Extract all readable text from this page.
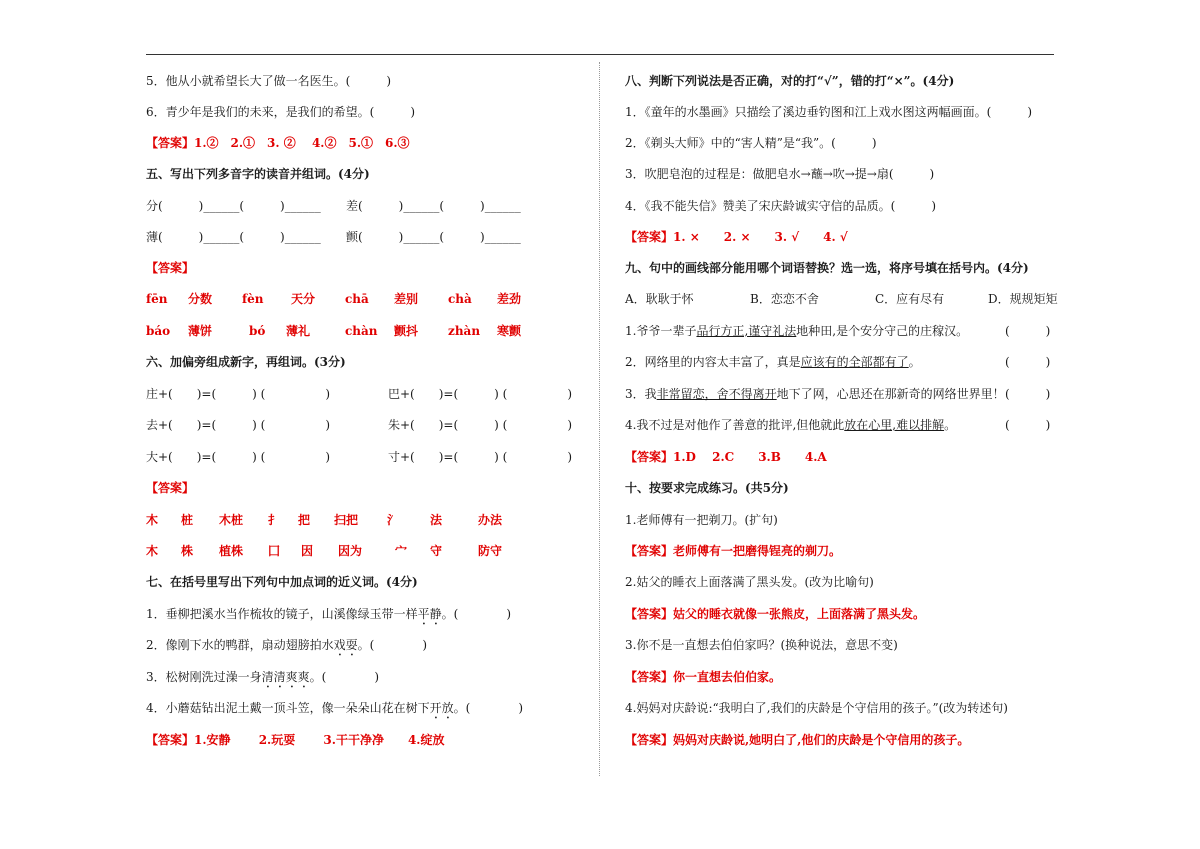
5．他从小就希望长大了做一名医生。(　　　)
6．青少年是我们的未来，是我们的希望。(　　　)
【答案】1.②　2.①　3. ②　 4.②　5.①　6.③
五、写出下列多音字的读音并组词。(4分)
分(　　　)______(　　　)______ 差(　　　)______(　　　)______
薄(　　　)______(　　　)______ 颤(　　　)______(　　　)______
【答案】
fēn 分数 fèn 天分 chā 差别 chà 差劲
báo 薄饼	bó 薄礼	chàn 颤抖 zhàn 寒颤
六、加偏旁组成新字，再组词。(3分)
庄+(　　)=(　　　) (　　　　　)	巴+(　　)=(　　　) (　　　　　)
去+(　　)=(　　　) (　　　　　)	朱+(　　)=(　　　) (　　　　　)
大+(　　)=(　　　) (　　　　　)	寸+(　　)=(　　　) (　　　　　)
【答案】
木 桩 木桩 扌 把 扫把 氵	法	办法
木 株 植株 囗 因 因为	宀 守	防守
七、在括号里写出下列句中加点词的近义词。(4分)
1．垂柳把溪水当作梳妆的镜子，山溪像绿玉带一样平静。(　　　　)
2．像刚下水的鸭群，扇动翅膀拍水戏耍。(　　　　)
3．松树刚洗过澡一身清清爽爽。(　　　　)
4．小蘑菇钻出泥土戴一顶斗笠，像一朵朵山花在树下开放。(　　　　)
【答案】1.安静　　 2.玩耍　　 3.干干净净　　4.绽放
八、判断下列说法是否正确，对的打“√”，错的打“×”。(4分)
1．《童年的水墨画》只描绘了溪边垂钓图和江上戏水图这两幅画面。(　　　)
2．《剃头大师》中的“害人精”是“我”。(　　　)
3．吹肥皂泡的过程是：做肥皂水→蘸→吹→提→扇(　　　)
4．《我不能失信》赞美了宋庆龄诚实守信的品质。(　　　)
【答案】1. ×　　2. ×　　3. √　　4. √
九、句中的画线部分能用哪个词语替换？选一选，将序号填在括号内。(4分)
A．耿耿于怀	B．恋恋不舍	C．应有尽有	D．规规矩矩
1.爷爷一辈子品行方正,谨守礼法地种田,是个安分守己的庄稼汉。	(　　　)
2．网络里的内容太丰富了，真是应该有的全部都有了。	(　　　)
3．我非常留恋，舍不得离开地下了网，心思还在那新奇的网络世界里！ (　　　)
4.我不过是对他作了善意的批评,但他就此放在心里,难以排解。	(　　　)
【答案】1.D　 2.C　　3.B　　4.A
十、按要求完成练习。(共5分)
1.老师傅有一把剃刀。(扩句)
【答案】老师傅有一把磨得锃亮的剃刀。
2.姑父的睡衣上面落满了黑头发。(改为比喻句)
【答案】姑父的睡衣就像一张熊皮，上面落满了黑头发。
3.你不是一直想去伯伯家吗？(换种说法，意思不变)
【答案】你一直想去伯伯家。
4.妈妈对庆龄说:“我明白了,我们的庆龄是个守信用的孩子。”(改为转述句)
【答案】妈妈对庆龄说,她明白了,他们的庆龄是个守信用的孩子。
